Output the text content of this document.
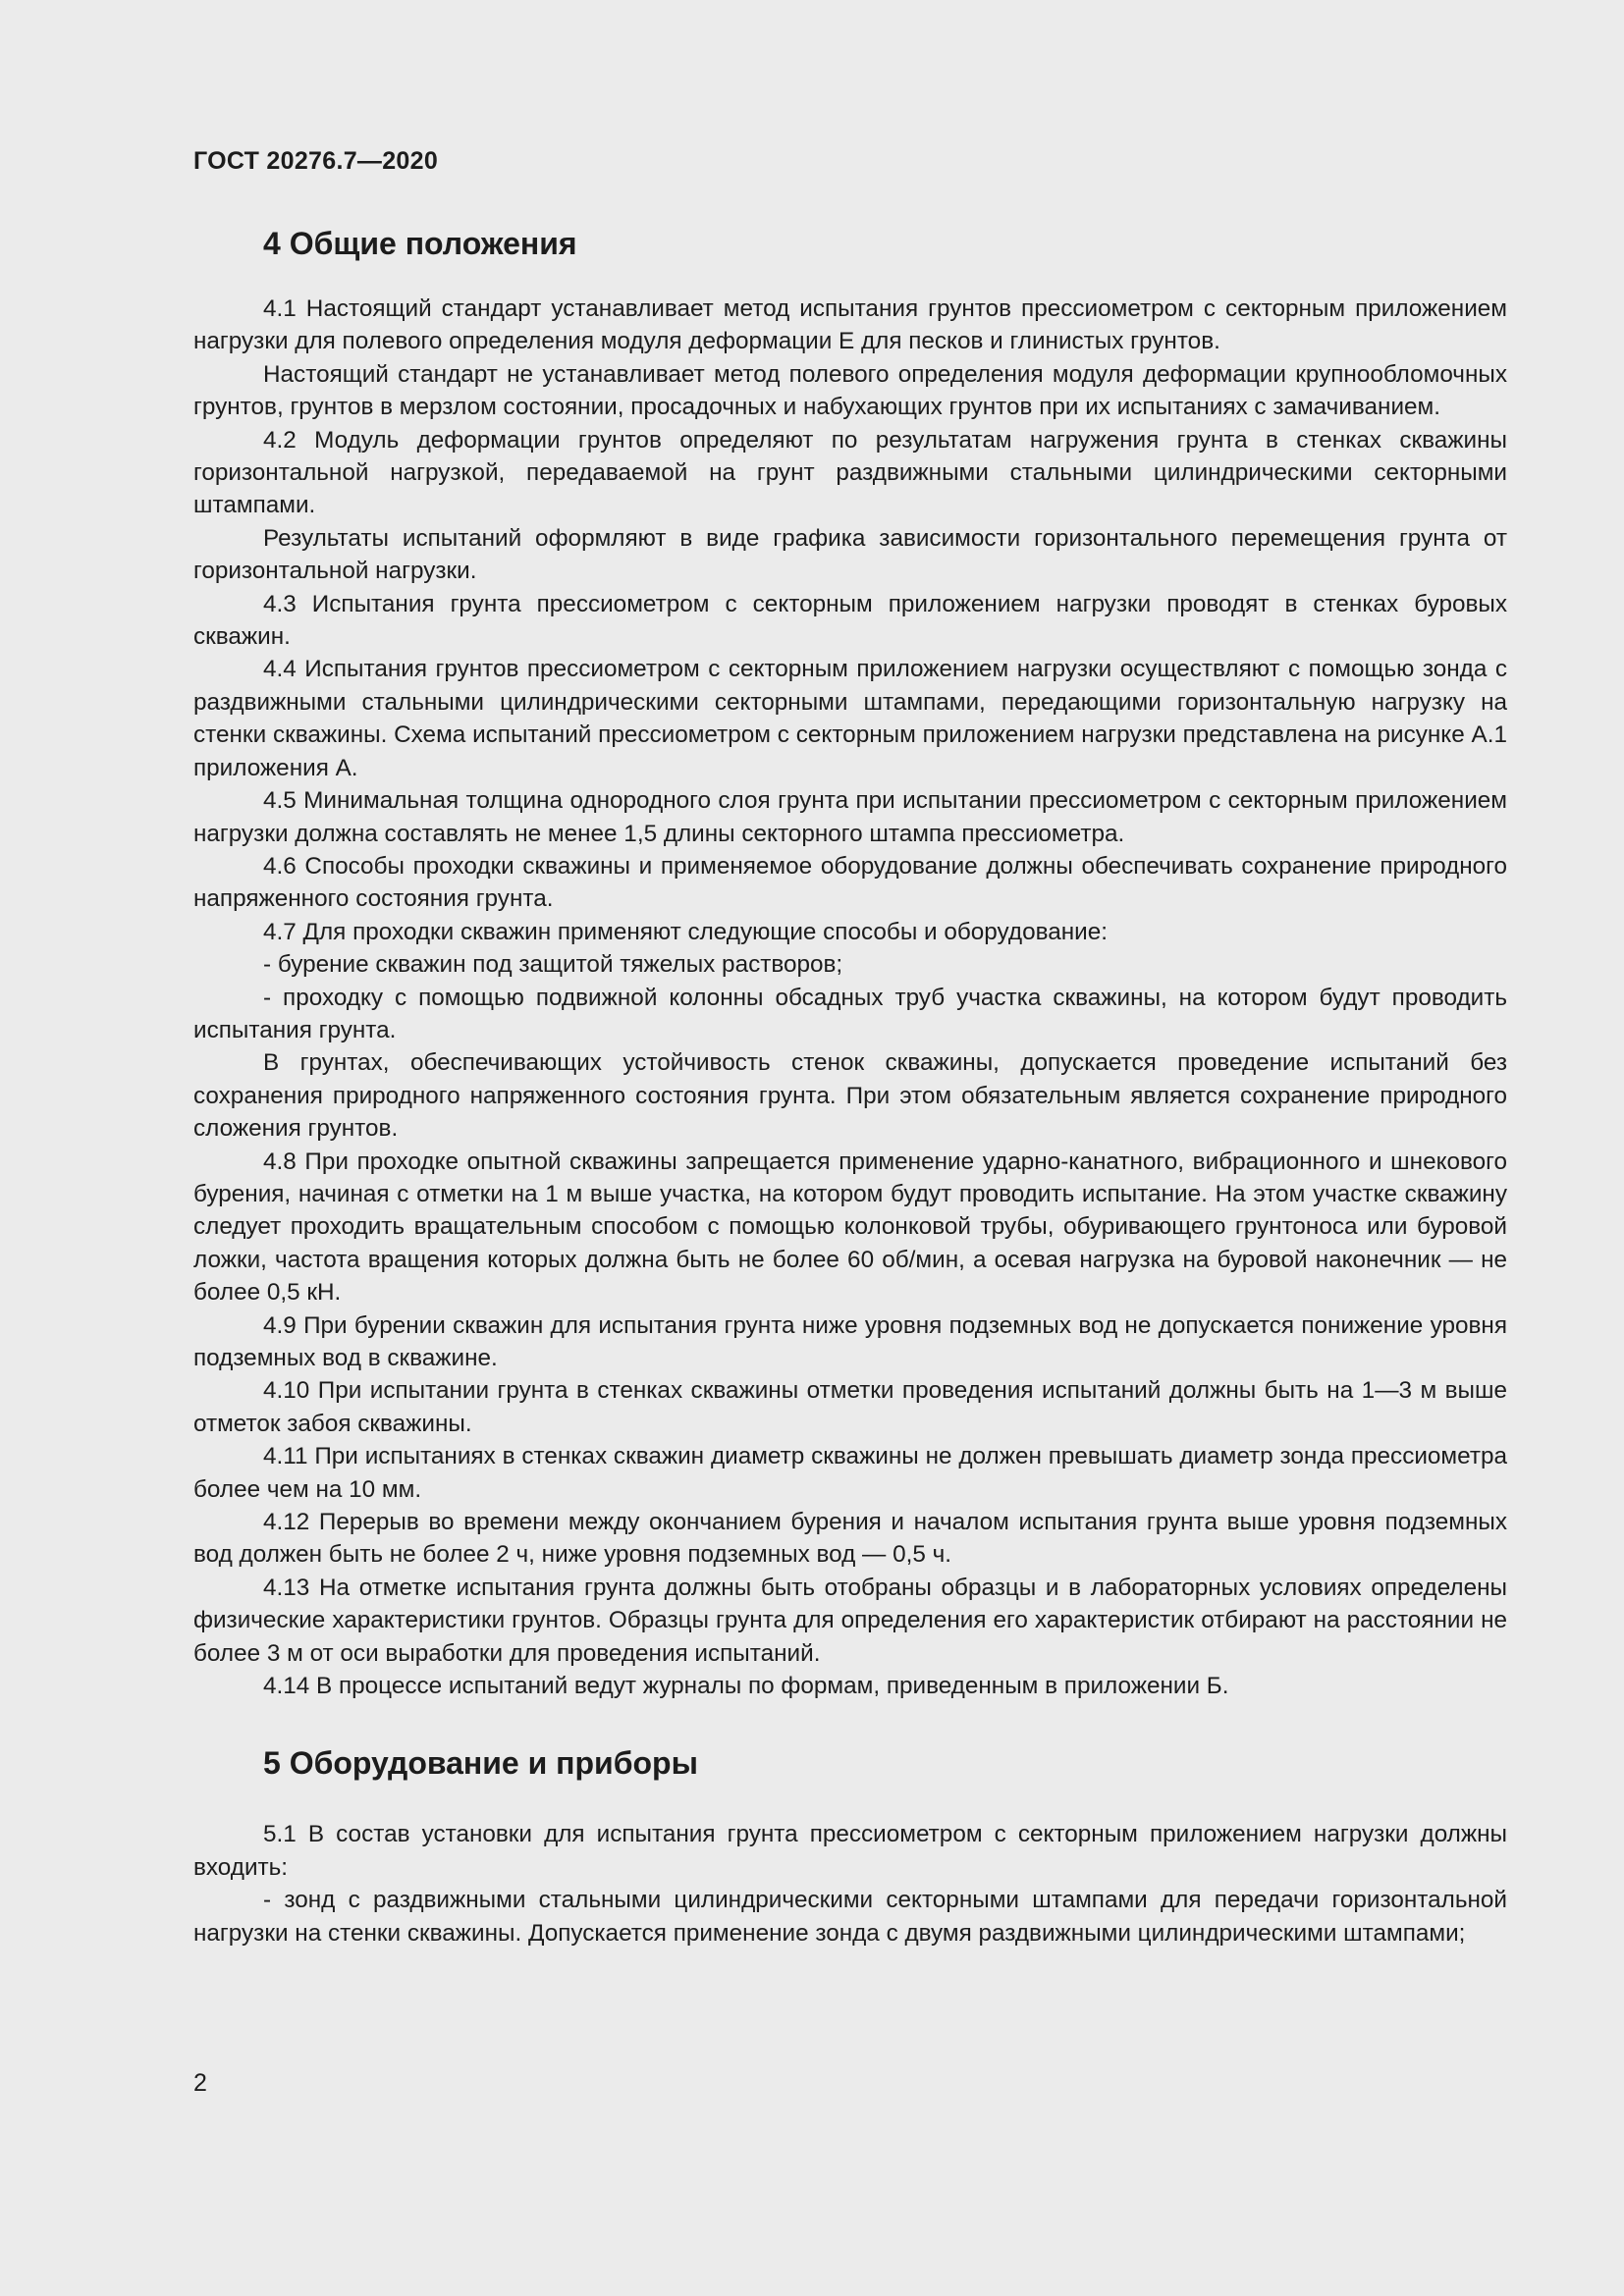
ГОСТ 20276.7—2020
4 Общие положения

4.1 Настоящий стандарт устанавливает метод испытания грунтов прессиометром с секторным приложением нагрузки для полевого определения модуля деформации E для песков и глинистых грунтов.

Настоящий стандарт не устанавливает метод полевого определения модуля деформации крупнообломочных грунтов, грунтов в мерзлом состоянии, просадочных и набухающих грунтов при их испытаниях с замачиванием.

4.2 Модуль деформации грунтов определяют по результатам нагружения грунта в стенках скважины горизонтальной нагрузкой, передаваемой на грунт раздвижными стальными цилиндрическими секторными штампами.

Результаты испытаний оформляют в виде графика зависимости горизонтального перемещения грунта от горизонтальной нагрузки.

4.3 Испытания грунта прессиометром с секторным приложением нагрузки проводят в стенках буровых скважин.

4.4 Испытания грунтов прессиометром с секторным приложением нагрузки осуществляют с помощью зонда с раздвижными стальными цилиндрическими секторными штампами, передающими горизонтальную нагрузку на стенки скважины. Схема испытаний прессиометром с секторным приложением нагрузки представлена на рисунке А.1 приложения А.

4.5 Минимальная толщина однородного слоя грунта при испытании прессиометром с секторным приложением нагрузки должна составлять не менее 1,5 длины секторного штампа прессиометра.

4.6 Способы проходки скважины и применяемое оборудование должны обеспечивать сохранение природного напряженного состояния грунта.

4.7 Для проходки скважин применяют следующие способы и оборудование:

- бурение скважин под защитой тяжелых растворов;

- проходку с помощью подвижной колонны обсадных труб участка скважины, на котором будут проводить испытания грунта.

В грунтах, обеспечивающих устойчивость стенок скважины, допускается проведение испытаний без сохранения природного напряженного состояния грунта. При этом обязательным является сохранение природного сложения грунтов.

4.8 При проходке опытной скважины запрещается применение ударно-канатного, вибрационного и шнекового бурения, начиная с отметки на 1 м выше участка, на котором будут проводить испытание. На этом участке скважину следует проходить вращательным способом с помощью колонковой трубы, обуривающего грунтоноса или буровой ложки, частота вращения которых должна быть не более 60 об/мин, а осевая нагрузка на буровой наконечник — не более 0,5 кН.

4.9 При бурении скважин для испытания грунта ниже уровня подземных вод не допускается понижение уровня подземных вод в скважине.

4.10 При испытании грунта в стенках скважины отметки проведения испытаний должны быть на 1—3 м выше отметок забоя скважины.

4.11 При испытаниях в стенках скважин диаметр скважины не должен превышать диаметр зонда прессиометра более чем на 10 мм.

4.12 Перерыв во времени между окончанием бурения и началом испытания грунта выше уровня подземных вод должен быть не более 2 ч, ниже уровня подземных вод — 0,5 ч.

4.13 На отметке испытания грунта должны быть отобраны образцы и в лабораторных условиях определены физические характеристики грунтов. Образцы грунта для определения его характеристик отбирают на расстоянии не более 3 м от оси выработки для проведения испытаний.

4.14 В процессе испытаний ведут журналы по формам, приведенным в приложении Б.

5 Оборудование и приборы

5.1 В состав установки для испытания грунта прессиометром с секторным приложением нагрузки должны входить:

- зонд с раздвижными стальными цилиндрическими секторными штампами для передачи горизонтальной нагрузки на стенки скважины. Допускается применение зонда с двумя раздвижными цилиндрическими штампами;

2
